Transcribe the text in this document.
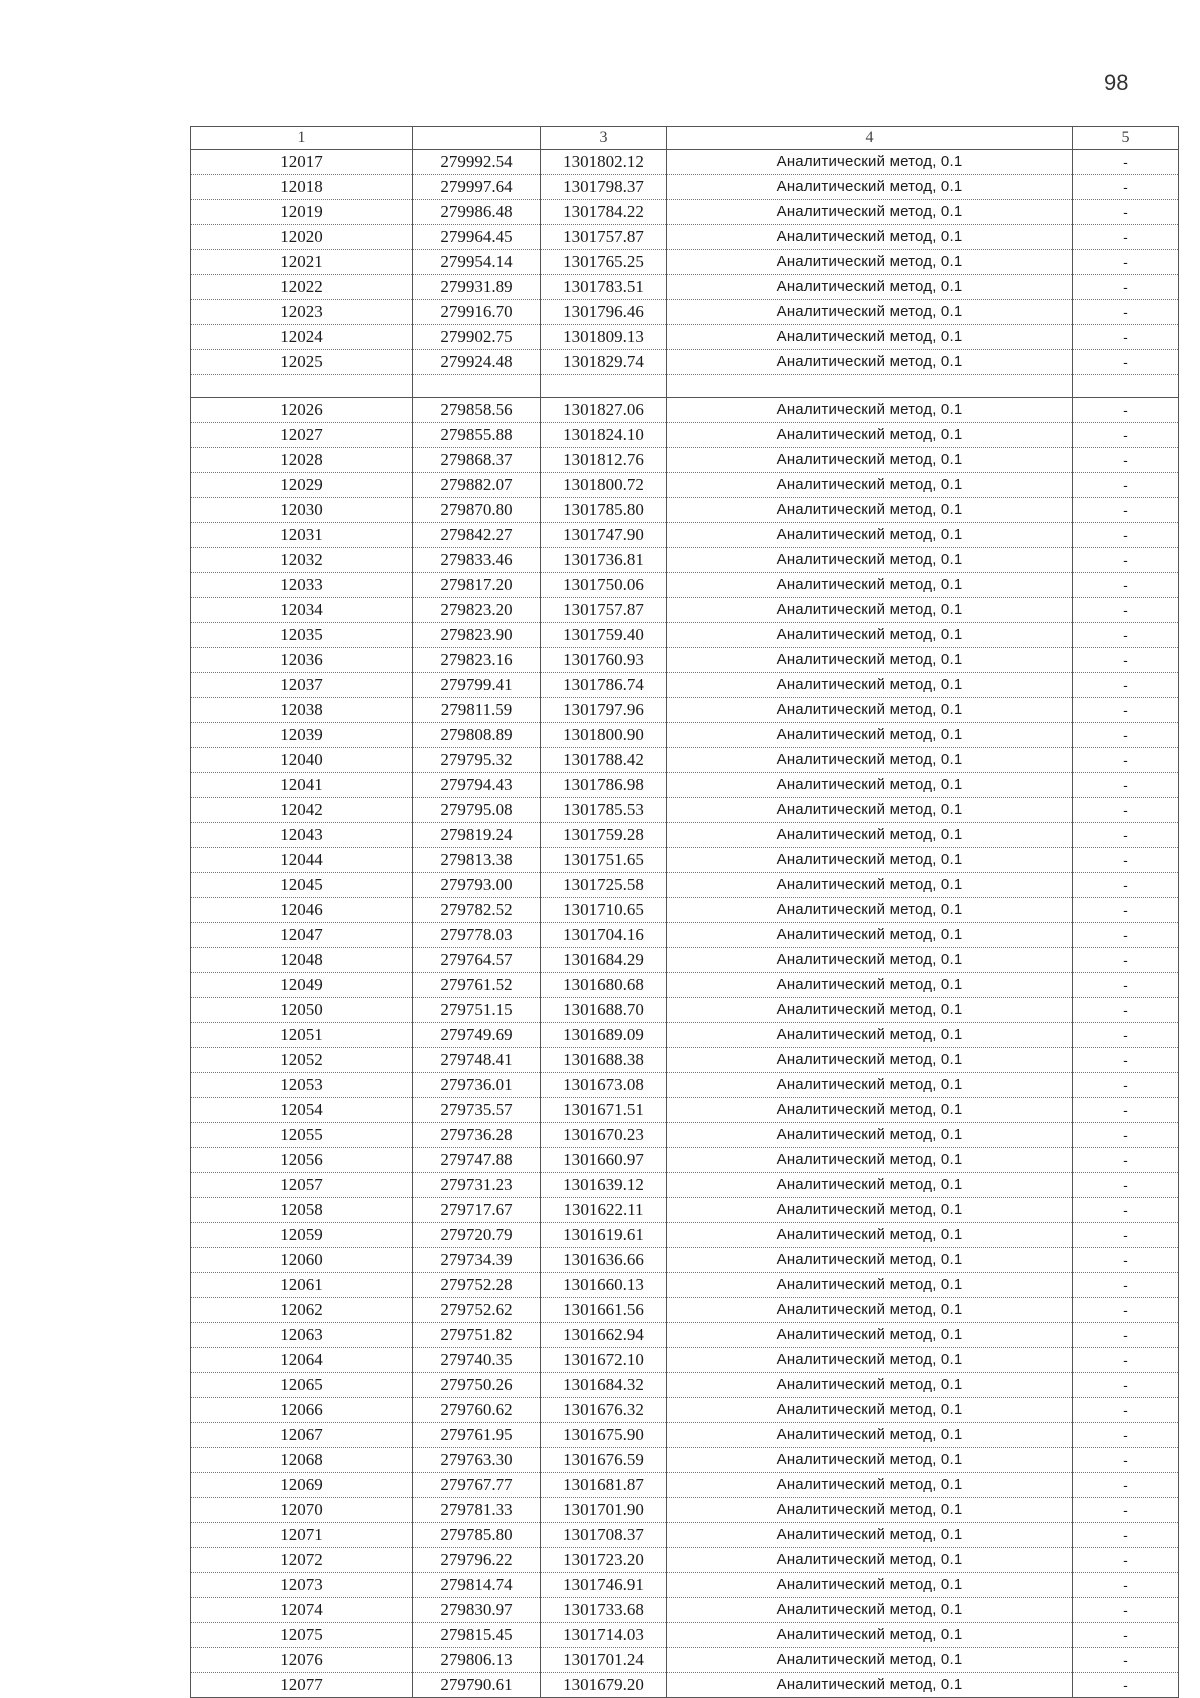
98
1		3	4	5
12017	279992.54	1301802.12	Аналитический метод, 0.1	-
12018	279997.64	1301798.37	Аналитический метод, 0.1	-
12019	279986.48	1301784.22	Аналитический метод, 0.1	-
12020	279964.45	1301757.87	Аналитический метод, 0.1	-
12021	279954.14	1301765.25	Аналитический метод, 0.1	-
12022	279931.89	1301783.51	Аналитический метод, 0.1	-
12023	279916.70	1301796.46	Аналитический метод, 0.1	-
12024	279902.75	1301809.13	Аналитический метод, 0.1	-
12025	279924.48	1301829.74	Аналитический метод, 0.1	-

12026	279858.56	1301827.06	Аналитический метод, 0.1	-
12027	279855.88	1301824.10	Аналитический метод, 0.1	-
12028	279868.37	1301812.76	Аналитический метод, 0.1	-
12029	279882.07	1301800.72	Аналитический метод, 0.1	-
12030	279870.80	1301785.80	Аналитический метод, 0.1	-
12031	279842.27	1301747.90	Аналитический метод, 0.1	-
12032	279833.46	1301736.81	Аналитический метод, 0.1	-
12033	279817.20	1301750.06	Аналитический метод, 0.1	-
12034	279823.20	1301757.87	Аналитический метод, 0.1	-
12035	279823.90	1301759.40	Аналитический метод, 0.1	-
12036	279823.16	1301760.93	Аналитический метод, 0.1	-
12037	279799.41	1301786.74	Аналитический метод, 0.1	-
12038	279811.59	1301797.96	Аналитический метод, 0.1	-
12039	279808.89	1301800.90	Аналитический метод, 0.1	-
12040	279795.32	1301788.42	Аналитический метод, 0.1	-
12041	279794.43	1301786.98	Аналитический метод, 0.1	-
12042	279795.08	1301785.53	Аналитический метод, 0.1	-
12043	279819.24	1301759.28	Аналитический метод, 0.1	-
12044	279813.38	1301751.65	Аналитический метод, 0.1	-
12045	279793.00	1301725.58	Аналитический метод, 0.1	-
12046	279782.52	1301710.65	Аналитический метод, 0.1	-
12047	279778.03	1301704.16	Аналитический метод, 0.1	-
12048	279764.57	1301684.29	Аналитический метод, 0.1	-
12049	279761.52	1301680.68	Аналитический метод, 0.1	-
12050	279751.15	1301688.70	Аналитический метод, 0.1	-
12051	279749.69	1301689.09	Аналитический метод, 0.1	-
12052	279748.41	1301688.38	Аналитический метод, 0.1	-
12053	279736.01	1301673.08	Аналитический метод, 0.1	-
12054	279735.57	1301671.51	Аналитический метод, 0.1	-
12055	279736.28	1301670.23	Аналитический метод, 0.1	-
12056	279747.88	1301660.97	Аналитический метод, 0.1	-
12057	279731.23	1301639.12	Аналитический метод, 0.1	-
12058	279717.67	1301622.11	Аналитический метод, 0.1	-
12059	279720.79	1301619.61	Аналитический метод, 0.1	-
12060	279734.39	1301636.66	Аналитический метод, 0.1	-
12061	279752.28	1301660.13	Аналитический метод, 0.1	-
12062	279752.62	1301661.56	Аналитический метод, 0.1	-
12063	279751.82	1301662.94	Аналитический метод, 0.1	-
12064	279740.35	1301672.10	Аналитический метод, 0.1	-
12065	279750.26	1301684.32	Аналитический метод, 0.1	-
12066	279760.62	1301676.32	Аналитический метод, 0.1	-
12067	279761.95	1301675.90	Аналитический метод, 0.1	-
12068	279763.30	1301676.59	Аналитический метод, 0.1	-
12069	279767.77	1301681.87	Аналитический метод, 0.1	-
12070	279781.33	1301701.90	Аналитический метод, 0.1	-
12071	279785.80	1301708.37	Аналитический метод, 0.1	-
12072	279796.22	1301723.20	Аналитический метод, 0.1	-
12073	279814.74	1301746.91	Аналитический метод, 0.1	-
12074	279830.97	1301733.68	Аналитический метод, 0.1	-
12075	279815.45	1301714.03	Аналитический метод, 0.1	-
12076	279806.13	1301701.24	Аналитический метод, 0.1	-
12077	279790.61	1301679.20	Аналитический метод, 0.1	-
